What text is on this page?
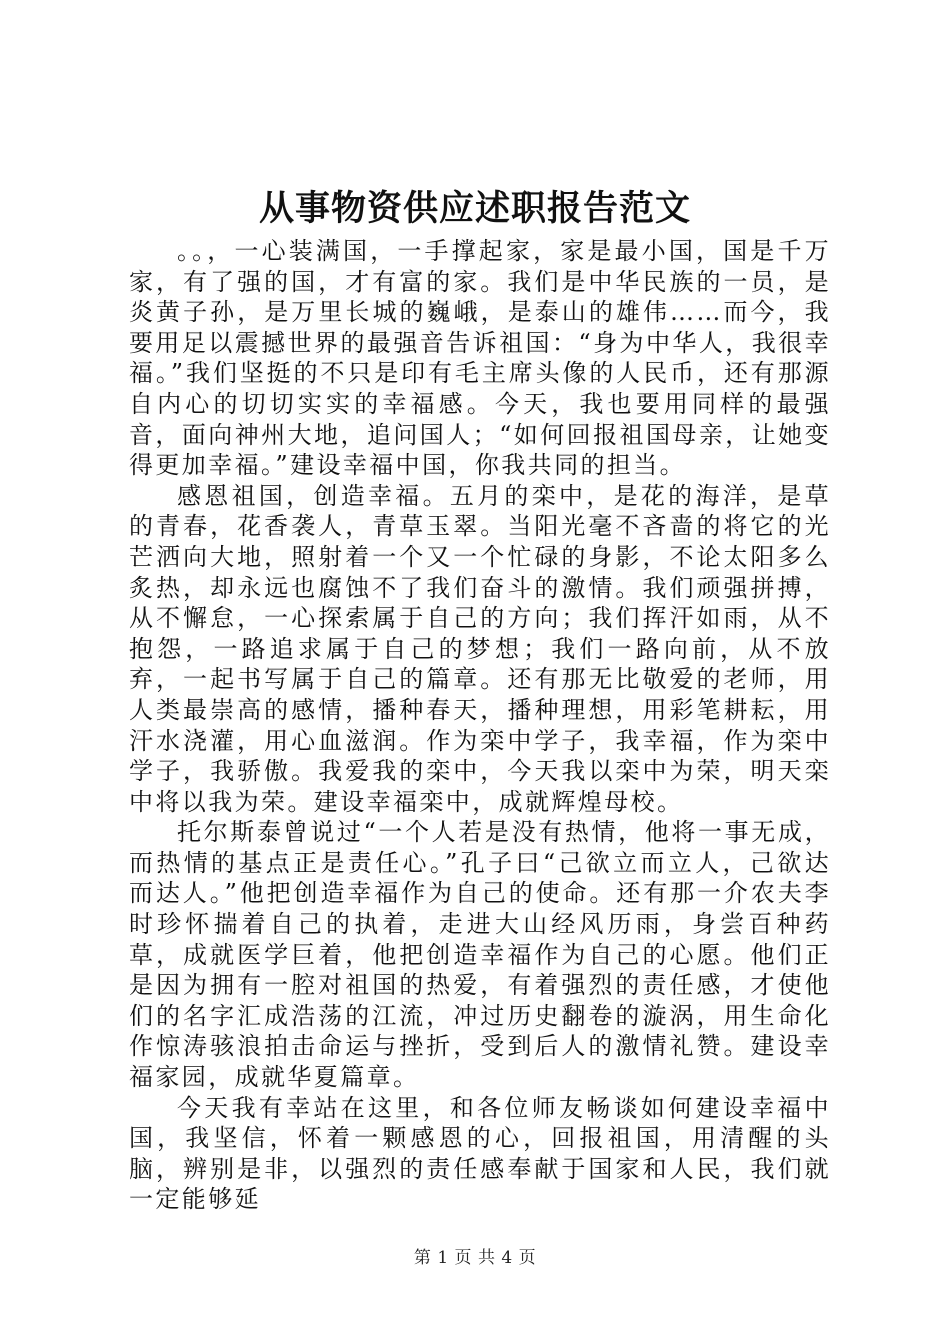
从事物资供应述职报告范文

。。，一心装满国，一手撑起家，家是最小国，国是千万家，有了强的国，才有富的家。我们是中华民族的一员，是炎黄子孙，是万里长城的巍峨，是泰山的雄伟……而今，我要用足以震撼世界的最强音告诉祖国：“身为中华人，我很幸福。”我们坚挺的不只是印有毛主席头像的人民币，还有那源自内心的切切实实的幸福感。今天，我也要用同样的最强音，面向神州大地，追问国人；“如何回报祖国母亲，让她变得更加幸福。”建设幸福中国，你我共同的担当。

感恩祖国，创造幸福。五月的栾中，是花的海洋，是草的青春，花香袭人，青草玉翠。当阳光毫不吝啬的将它的光芒洒向大地，照射着一个又一个忙碌的身影，不论太阳多么炙热，却永远也腐蚀不了我们奋斗的激情。我们顽强拼搏，从不懈怠，一心探索属于自己的方向；我们挥汗如雨，从不抱怨，一路追求属于自己的梦想；我们一路向前，从不放弃，一起书写属于自己的篇章。还有那无比敬爱的老师，用人类最崇高的感情，播种春天，播种理想，用彩笔耕耘，用汗水浇灌，用心血滋润。作为栾中学子，我幸福，作为栾中学子，我骄傲。我爱我的栾中，今天我以栾中为荣，明天栾中将以我为荣。建设幸福栾中，成就辉煌母校。

托尔斯泰曾说过“一个人若是没有热情，他将一事无成，而热情的基点正是责任心。”孔子曰“己欲立而立人，己欲达而达人。”他把创造幸福作为自己的使命。还有那一介农夫李时珍怀揣着自己的执着，走进大山经风历雨，身尝百种药草，成就医学巨着，他把创造幸福作为自己的心愿。他们正是因为拥有一腔对祖国的热爱，有着强烈的责任感，才使他们的名字汇成浩荡的江流，冲过历史翻卷的漩涡，用生命化作惊涛骇浪拍击命运与挫折，受到后人的激情礼赞。建设幸福家园，成就华夏篇章。

今天我有幸站在这里，和各位师友畅谈如何建设幸福中国，我坚信，怀着一颗感恩的心，回报祖国，用清醒的头脑，辨别是非，以强烈的责任感奉献于国家和人民，我们就一定能够延

第 1 页 共 4 页
